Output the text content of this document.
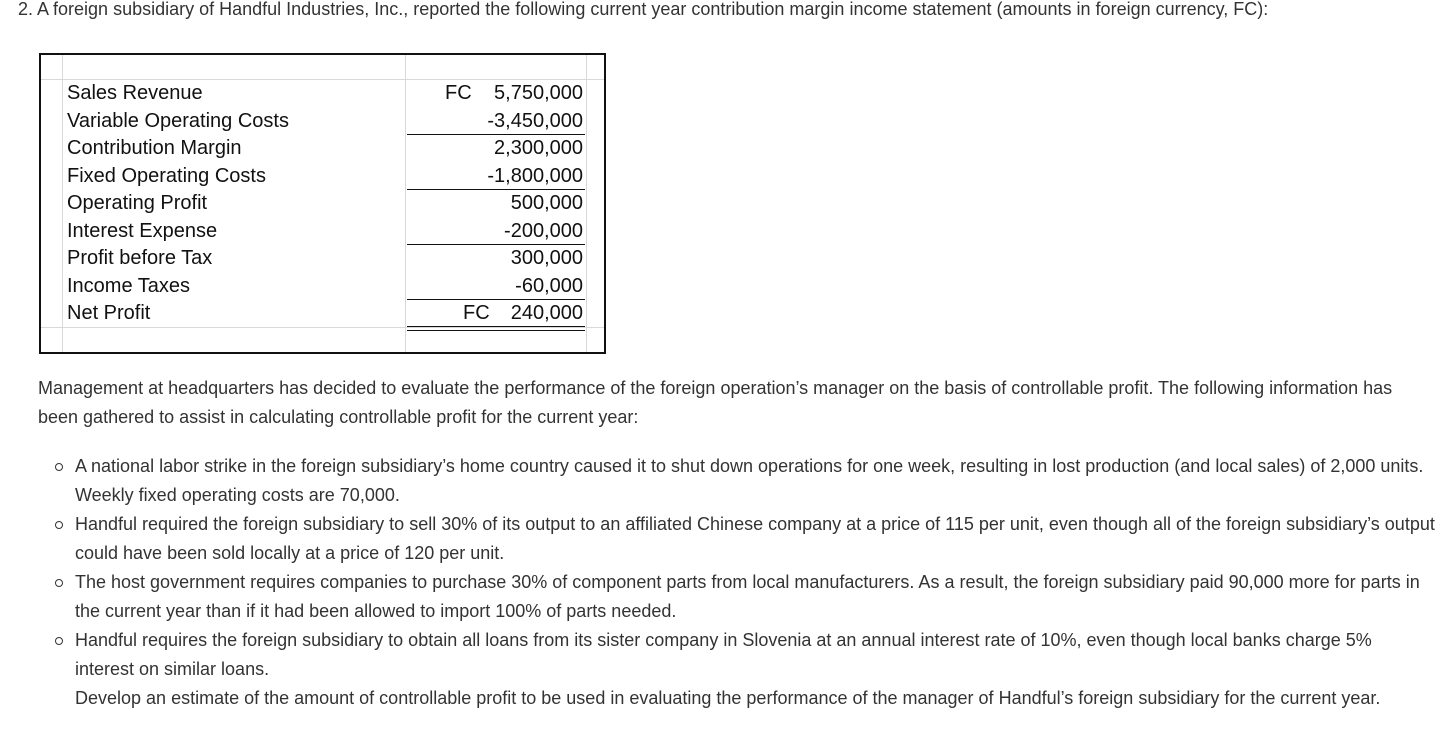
2. A foreign subsidiary of Handful Industries, Inc., reported the following current year contribution margin income statement (amounts in foreign currency, FC):
Sales Revenue	FC 5,750,000
Variable Operating Costs	-3,450,000
Contribution Margin	2,300,000
Fixed Operating Costs	-1,800,000
Operating Profit	500,000
Interest Expense	-200,000
Profit before Tax	300,000
Income Taxes	-60,000
Net Profit	FC 240,000
Management at headquarters has decided to evaluate the performance of the foreign operation’s manager on the basis of controllable profit. The following information has been gathered to assist in calculating controllable profit for the current year:
A national labor strike in the foreign subsidiary’s home country caused it to shut down operations for one week, resulting in lost production (and local sales) of 2,000 units. Weekly fixed operating costs are 70,000.
Handful required the foreign subsidiary to sell 30% of its output to an affiliated Chinese company at a price of 115 per unit, even though all of the foreign subsidiary’s output could have been sold locally at a price of 120 per unit.
The host government requires companies to purchase 30% of component parts from local manufacturers. As a result, the foreign subsidiary paid 90,000 more for parts in the current year than if it had been allowed to import 100% of parts needed.
Handful requires the foreign subsidiary to obtain all loans from its sister company in Slovenia at an annual interest rate of 10%, even though local banks charge 5% interest on similar loans.
Develop an estimate of the amount of controllable profit to be used in evaluating the performance of the manager of Handful’s foreign subsidiary for the current year.
